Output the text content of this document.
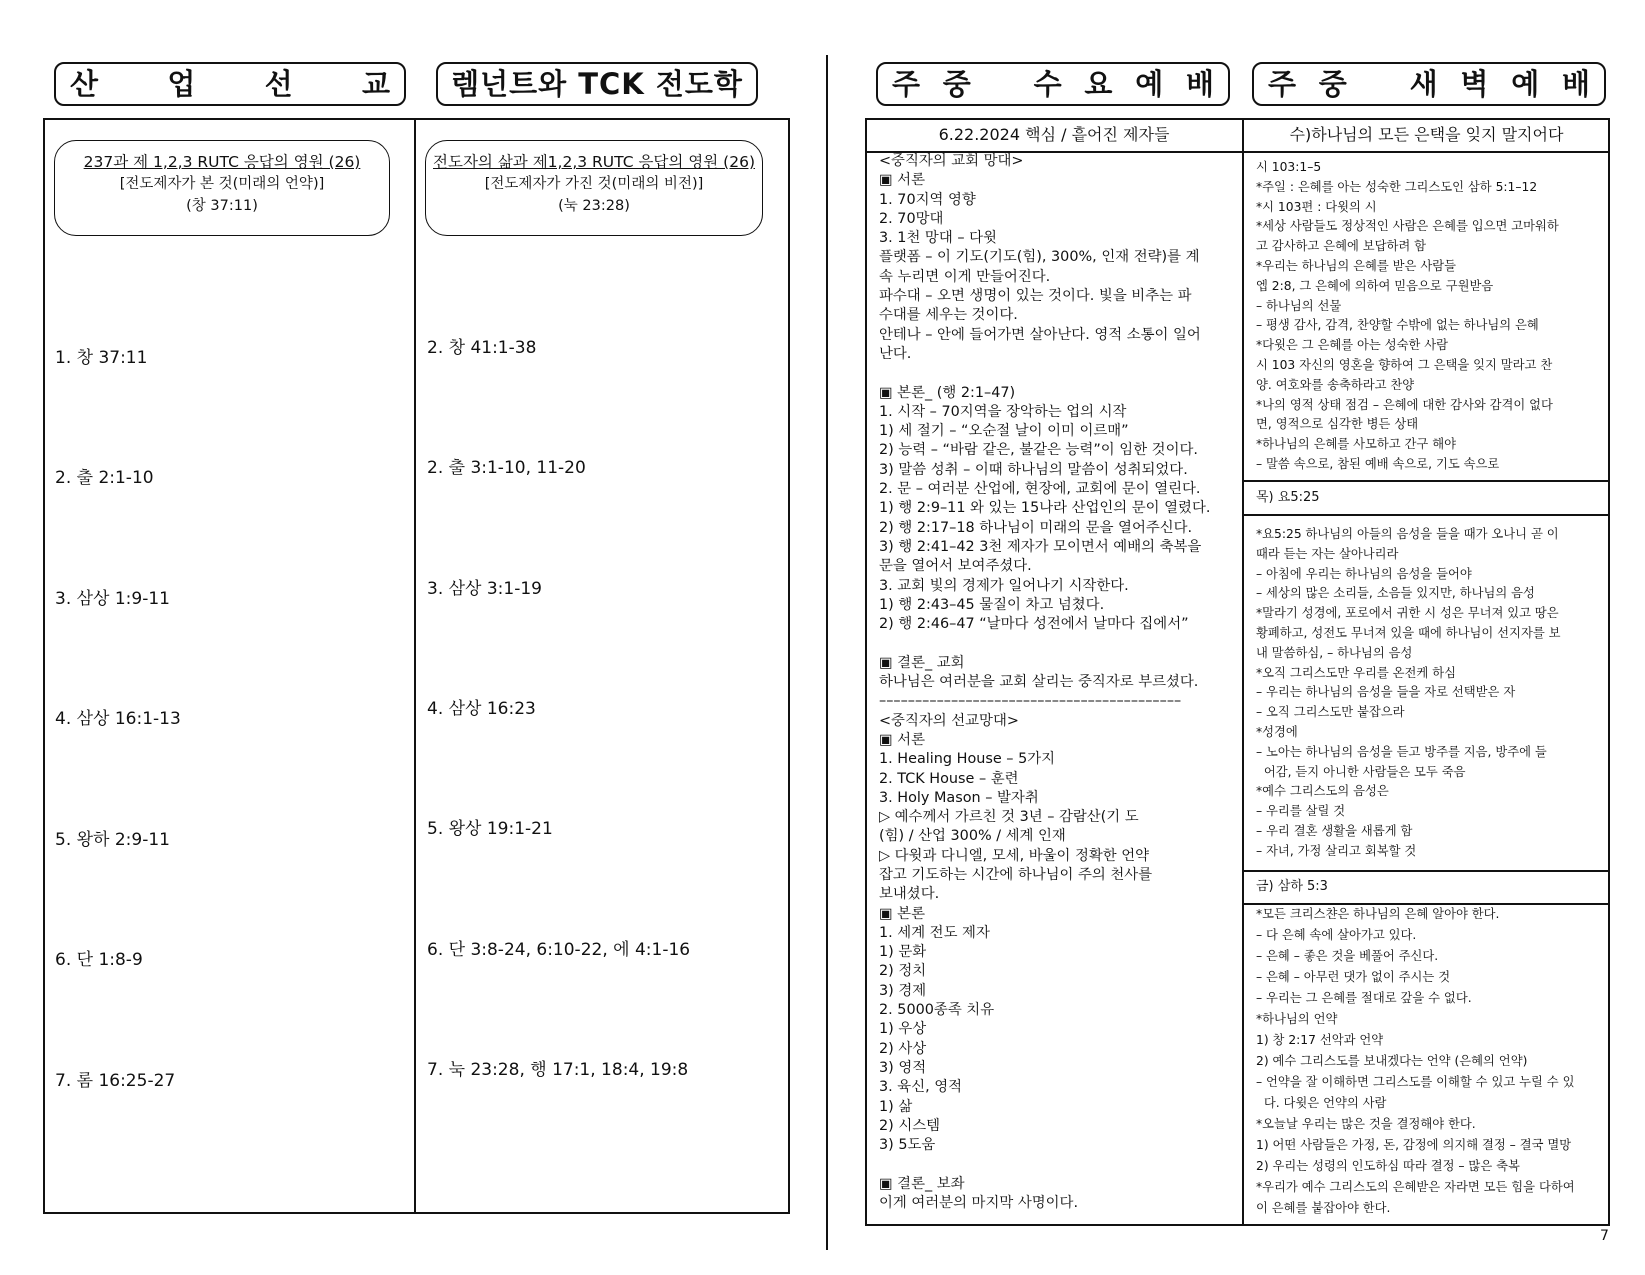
산 업 선 교 렘넌트와 TCK 전도학
237과 제 1,2,3 RUTC 응답의 영원 (26)
[전도제자가 본 것(미래의 언약)]
(창 37:11)
1. 창 37:11
2. 출 2:1-10
3. 삼상 1:9-11
4. 삼상 16:1-13
5. 왕하 2:9-11
6. 단 1:8-9
7. 롬 16:25-27
전도자의 삶과 제1,2,3 RUTC 응답의 영원 (26)
[전도제자가 가진 것(미래의 비전)]
(눅 23:28)
2. 창 41:1-38
2. 출 3:1-10, 11-20
3. 삼상 3:1-19
4. 삼상 16:23
5. 왕상 19:1-21
6. 단 3:8-24, 6:10-22, 에 4:1-16
7. 눅 23:28, 행 17:1, 18:4, 19:8
주 중 수 요 예 배 주 중 새 벽 예 배
6.22.2024 핵심 / 흩어진 제자들
<중직자의 교회 망대>
▣ 서론
1. 70지역 영향
2. 70망대
3. 1천 망대 – 다윗
플랫폼 – 이 기도(기도(힘), 300%, 인재 전략)를 계
속 누리면 이게 만들어진다.
파수대 – 오면 생명이 있는 것이다. 빛을 비추는 파
수대를 세우는 것이다.
안테나 – 안에 들어가면 살아난다. 영적 소통이 일어
난다.

▣ 본론_ (행 2:1–47)
1. 시작 – 70지역을 장악하는 업의 시작
1) 세 절기 – “오순절 날이 이미 이르매”
2) 능력 – “바람 같은, 불같은 능력”이 임한 것이다.
3) 말씀 성취 – 이때 하나님의 말씀이 성취되었다.
2. 문 – 여러분 산업에, 현장에, 교회에 문이 열린다.
1) 행 2:9–11 와 있는 15나라 산업인의 문이 열렸다.
2) 행 2:17–18 하나님이 미래의 문을 열어주신다.
3) 행 2:41–42 3천 제자가 모이면서 예배의 축복을
문을 열어서 보여주셨다.
3. 교회 빛의 경제가 일어나기 시작한다.
1) 행 2:43–45 물질이 차고 넘쳤다.
2) 행 2:46–47 “날마다 성전에서 날마다 집에서”

▣ 결론_ 교회
하나님은 여러분을 교회 살리는 중직자로 부르셨다.
––––––––––––––––––––––––––––––––––––––––––
<중직자의 선교망대>
▣ 서론
1. Healing House – 5가지
2. TCK House – 훈련
3. Holy Mason – 발자취
▷ 예수께서 가르친 것 3년 – 감람산(기 도
(힘) / 산업 300% / 세계 인재
▷ 다윗과 다니엘, 모세, 바울이 정확한 언약
잡고 기도하는 시간에 하나님이 주의 천사를
보내셨다.
▣ 본론
1. 세계 전도 제자
1) 문화
2) 정치
3) 경제
2. 5000종족 치유
1) 우상
2) 사상
3) 영적
3. 육신, 영적
1) 삶
2) 시스템
3) 5도움

▣ 결론_ 보좌
이게 여러분의 마지막 사명이다.
수)하나님의 모든 은택을 잊지 말지어다
시 103:1–5
*주일 : 은혜를 아는 성숙한 그리스도인 삼하 5:1–12
*시 103편 : 다윗의 시
*세상 사람들도 정상적인 사람은 은혜를 입으면 고마워하
고 감사하고 은혜에 보답하려 함
*우리는 하나님의 은혜를 받은 사람들
엡 2:8, 그 은혜에 의하여 믿음으로 구원받음
– 하나님의 선물
– 평생 감사, 감격, 찬양할 수밖에 없는 하나님의 은혜
*다윗은 그 은혜를 아는 성숙한 사람
시 103 자신의 영혼을 향하여 그 은택을 잊지 말라고 찬
양. 여호와를 송축하라고 찬양
*나의 영적 상태 점검 – 은혜에 대한 감사와 감격이 없다
면, 영적으로 심각한 병든 상태
*하나님의 은혜를 사모하고 간구 해야
– 말씀 속으로, 참된 예배 속으로, 기도 속으로
목) 요5:25
*요5:25 하나님의 아들의 음성을 들을 때가 오나니 곧 이
때라 듣는 자는 살아나리라
– 아침에 우리는 하나님의 음성을 들어야
– 세상의 많은 소리들, 소음들 있지만, 하나님의 음성
*말라기 성경에, 포로에서 귀한 시 성은 무너져 있고 땅은
황폐하고, 성전도 무너져 있을 때에 하나님이 선지자를 보
내 말씀하심, – 하나님의 음성
*오직 그리스도만 우리를 온전케 하심
– 우리는 하나님의 음성을 들을 자로 선택받은 자
– 오직 그리스도만 붙잡으라
*성경에
– 노아는 하나님의 음성을 듣고 방주를 지음, 방주에 들
어감, 듣지 아니한 사람들은 모두 죽음
*예수 그리스도의 음성은
– 우리를 살릴 것
– 우리 결혼 생활을 새롭게 함
– 자녀, 가정 살리고 회복할 것
금) 삼하 5:3
*모든 크리스챤은 하나님의 은혜 알아야 한다.
– 다 은혜 속에 살아가고 있다.
– 은혜 – 좋은 것을 베풀어 주신다.
– 은혜 – 아무런 댓가 없이 주시는 것
– 우리는 그 은혜를 절대로 갚을 수 없다.
*하나님의 언약
1) 창 2:17 선악과 언약
2) 예수 그리스도를 보내겠다는 언약 (은혜의 언약)
– 언약을 잘 이해하면 그리스도를 이해할 수 있고 누릴 수 있
다. 다윗은 언약의 사람
*오늘날 우리는 많은 것을 결정해야 한다.
1) 어떤 사람들은 가정, 돈, 감정에 의지해 결정 – 결국 멸망
2) 우리는 성령의 인도하심 따라 결정 – 많은 축복
*우리가 예수 그리스도의 은혜받은 자라면 모든 힘을 다하여
이 은혜를 붙잡아야 한다.
7
